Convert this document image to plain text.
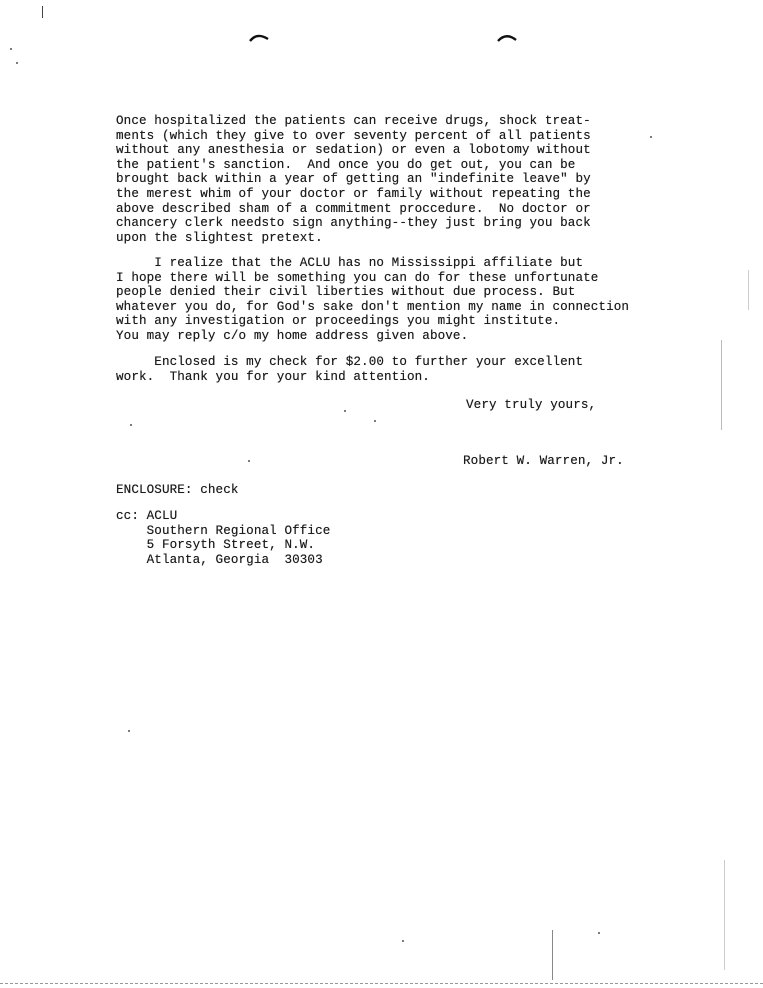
Once hospitalized the patients can receive drugs, shock treat-
ments (which they give to over seventy percent of all patients
without any anesthesia or sedation) or even a lobotomy without
the patient's sanction.  And once you do get out, you can be
brought back within a year of getting an "indefinite leave" by
the merest whim of your doctor or family without repeating the
above described sham of a commitment proccedure.  No doctor or
chancery clerk needsto sign anything--they just bring you back
upon the slightest pretext.
I realize that the ACLU has no Mississippi affiliate but
I hope there will be something you can do for these unfortunate
people denied their civil liberties without due process. But
whatever you do, for God's sake don't mention my name in connection
with any investigation or proceedings you might institute.
You may reply c/o my home address given above.
Enclosed is my check for $2.00 to further your excellent
work.  Thank you for your kind attention.
Very truly yours,
Robert W. Warren, Jr.
ENCLOSURE: check
cc: ACLU
Southern Regional Office
5 Forsyth Street, N.W.
Atlanta, Georgia  30303
